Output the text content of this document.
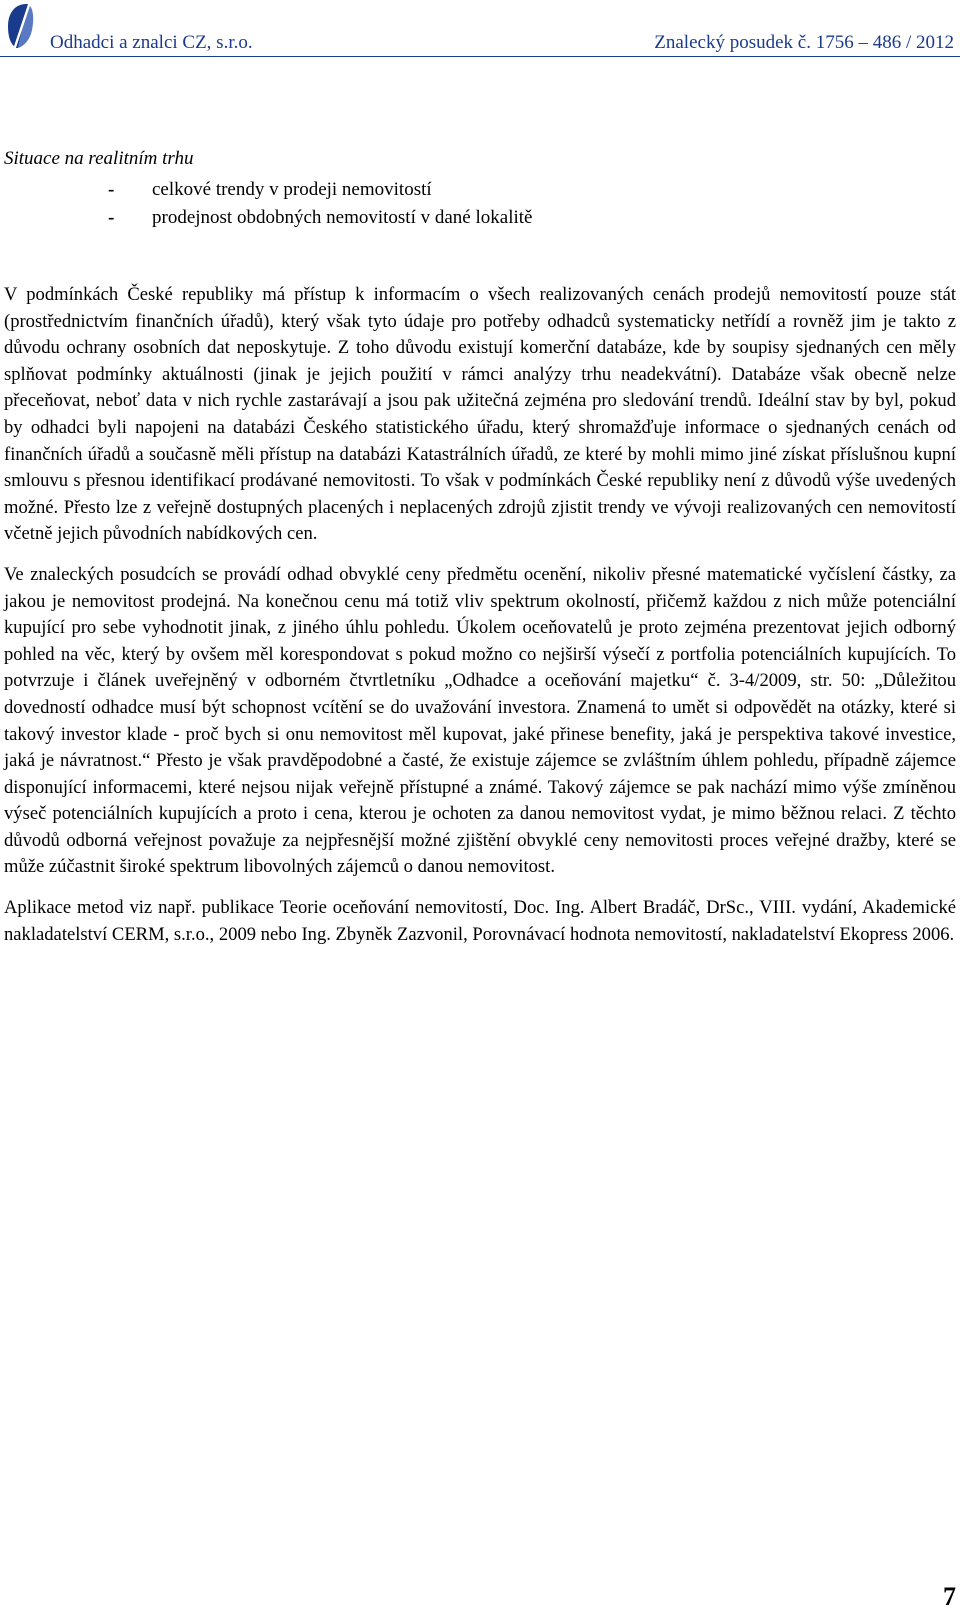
Odhadci a znalci CZ, s.r.o.	Znalecký posudek č. 1756 – 486 / 2012
Situace na realitním trhu
- celkové trendy v prodeji nemovitostí
- prodejnost obdobných nemovitostí v dané lokalitě

V podmínkách České republiky má přístup k informacím o všech realizovaných cenách prodejů nemovitostí pouze stát (prostřednictvím finančních úřadů), který však tyto údaje pro potřeby odhadců systematicky netřídí a rovněž jim je takto z důvodu ochrany osobních dat neposkytuje. Z toho důvodu existují komerční databáze, kde by soupisy sjednaných cen měly splňovat podmínky aktuálnosti (jinak je jejich použití v rámci analýzy trhu neadekvátní). Databáze však obecně nelze přeceňovat, neboť data v nich rychle zastarávají a jsou pak užitečná zejména pro sledování trendů. Ideální stav by byl, pokud by odhadci byli napojeni na databázi Českého statistického úřadu, který shromažďuje informace o sjednaných cenách od finančních úřadů a současně měli přístup na databázi Katastrálních úřadů, ze které by mohli mimo jiné získat příslušnou kupní smlouvu s přesnou identifikací prodávané nemovitosti. To však v podmínkách České republiky není z důvodů výše uvedených možné. Přesto lze z veřejně dostupných placených i neplacených zdrojů zjistit trendy ve vývoji realizovaných cen nemovitostí včetně jejich původních nabídkových cen.

Ve znaleckých posudcích se provádí odhad obvyklé ceny předmětu ocenění, nikoliv přesné matematické vyčíslení částky, za jakou je nemovitost prodejná. Na konečnou cenu má totiž vliv spektrum okolností, přičemž každou z nich může potenciální kupující pro sebe vyhodnotit jinak, z jiného úhlu pohledu. Úkolem oceňovatelů je proto zejména prezentovat jejich odborný pohled na věc, který by ovšem měl korespondovat s pokud možno co nejširší výsečí z portfolia potenciálních kupujících. To potvrzuje i článek uveřejněný v odborném čtvrtletníku „Odhadce a oceňování majetku“ č. 3-4/2009, str. 50: „Důležitou dovedností odhadce musí být schopnost vcítění se do uvažování investora. Znamená to umět si odpovědět na otázky, které si takový investor klade - proč bych si onu nemovitost měl kupovat, jaké přinese benefity, jaká je perspektiva takové investice, jaká je návratnost.“ Přesto je však pravděpodobné a časté, že existuje zájemce se zvláštním úhlem pohledu, případně zájemce disponující informacemi, které nejsou nijak veřejně přístupné a známé. Takový zájemce se pak nachází mimo výše zmíněnou výseč potenciálních kupujících a proto i cena, kterou je ochoten za danou nemovitost vydat, je mimo běžnou relaci. Z těchto důvodů odborná veřejnost považuje za nejpřesnější možné zjištění obvyklé ceny nemovitosti proces veřejné dražby, které se může zúčastnit široké spektrum libovolných zájemců o danou nemovitost.

Aplikace metod viz např. publikace Teorie oceňování nemovitostí, Doc. Ing. Albert Bradáč, DrSc., VIII. vydání, Akademické nakladatelství CERM, s.r.o., 2009 nebo Ing. Zbyněk Zazvonil, Porovnávací hodnota nemovitostí, nakladatelství Ekopress 2006.

7
